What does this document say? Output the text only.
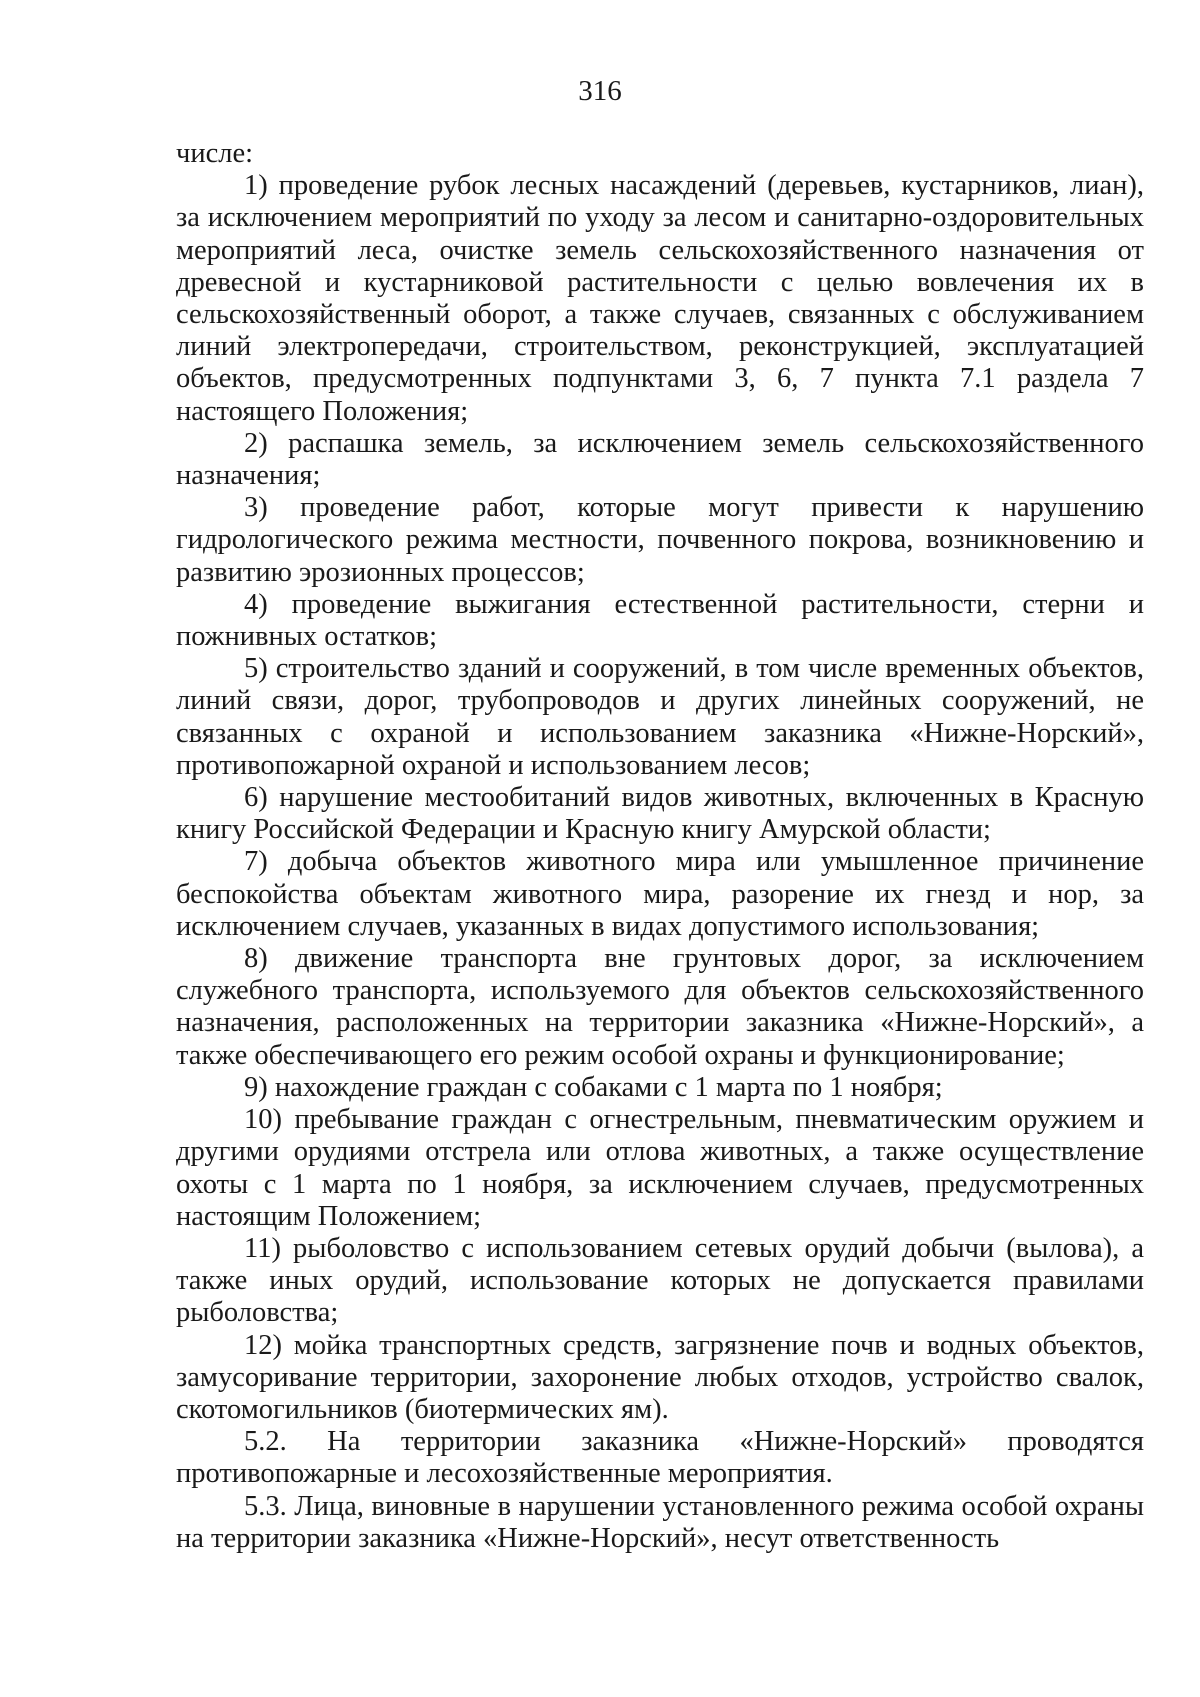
316

числе:

1) проведение рубок лесных насаждений (деревьев, кустарников, лиан), за исключением мероприятий по уходу за лесом и санитарно-оздоровительных мероприятий леса, очистке земель сельскохозяйственного назначения от древесной и кустарниковой растительности с целью вовлечения их в сельскохозяйственный оборот, а также случаев, связанных с обслуживанием линий электропередачи, строительством, реконструкцией, эксплуатацией объектов, предусмотренных подпунктами 3, 6, 7 пункта 7.1 раздела 7 настоящего Положения;

2) распашка земель, за исключением земель сельскохозяйственного назначения;

3) проведение работ, которые могут привести к нарушению гидрологического режима местности, почвенного покрова, возникновению и развитию эрозионных процессов;

4) проведение выжигания естественной растительности, стерни и пожнивных остатков;

5) строительство зданий и сооружений, в том числе временных объектов, линий связи, дорог, трубопроводов и других линейных сооружений, не связанных с охраной и использованием заказника «Нижне-Норский», противопожарной охраной и использованием лесов;

6) нарушение местообитаний видов животных, включенных в Красную книгу Российской Федерации и Красную книгу Амурской области;

7) добыча объектов животного мира или умышленное причинение беспокойства объектам животного мира, разорение их гнезд и нор, за исключением случаев, указанных в видах допустимого использования;

8) движение транспорта вне грунтовых дорог, за исключением служебного транспорта, используемого для объектов сельскохозяйственного назначения, расположенных на территории заказника «Нижне-Норский», а также обеспечивающего его режим особой охраны и функционирование;

9) нахождение граждан с собаками с 1 марта по 1 ноября;

10) пребывание граждан с огнестрельным, пневматическим оружием и другими орудиями отстрела или отлова животных, а также осуществление охоты с 1 марта по 1 ноября, за исключением случаев, предусмотренных настоящим Положением;

11) рыболовство с использованием сетевых орудий добычи (вылова), а также иных орудий, использование которых не допускается правилами рыболовства;

12) мойка транспортных средств, загрязнение почв и водных объектов, замусоривание территории, захоронение любых отходов, устройство свалок, скотомогильников (биотермических ям).

5.2. На территории заказника «Нижне-Норский» проводятся противопожарные и лесохозяйственные мероприятия.

5.3. Лица, виновные в нарушении установленного режима особой охраны на территории заказника «Нижне-Норский», несут ответственность
